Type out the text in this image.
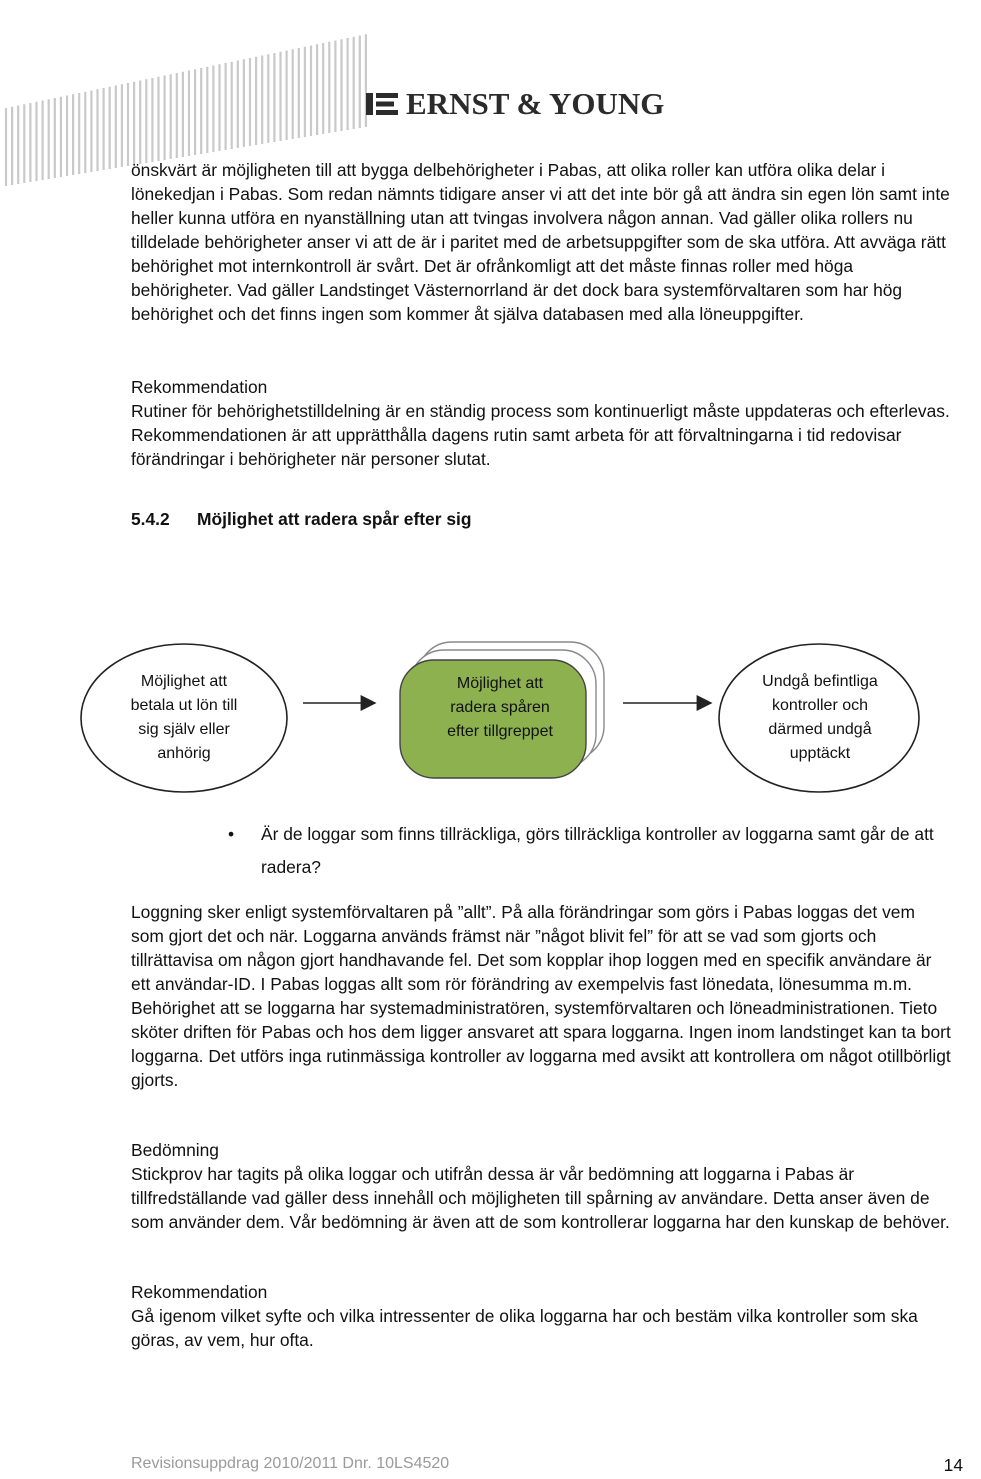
ERNST & YOUNG

önskvärt är möjligheten till att bygga delbehörigheter i Pabas, att olika roller kan utföra olika delar i lönekedjan i Pabas. Som redan nämnts tidigare anser vi att det inte bör gå att ändra sin egen lön samt inte heller kunna utföra en nyanställning utan att tvingas involvera någon annan. Vad gäller olika rollers nu tilldelade behörigheter anser vi att de är i paritet med de arbetsuppgifter som de ska utföra. Att avväga rätt behörighet mot internkontroll är svårt. Det är ofrånkomligt att det måste finnas roller med höga behörigheter. Vad gäller Landstinget Västernorrland är det dock bara systemförvaltaren som har hög behörighet och det finns ingen som kommer åt själva databasen med alla löneuppgifter.

Rekommendation

Rutiner för behörighetstilldelning är en ständig process som kontinuerligt måste uppdateras och efterlevas. Rekommendationen är att upprätthålla dagens rutin samt arbeta för att förvaltningarna i tid redovisar förändringar i behörigheter när personer slutat.

5.4.2 Möjlighet att radera spår efter sig
Möjlighet att
betala ut lön till
sig själv eller
anhörig
Möjlighet att
radera spåren
efter tillgreppet
Undgå befintliga
kontroller och
därmed undgå
upptäckt
• Är de loggar som finns tillräckliga, görs tillräckliga kontroller av loggarna samt går de att radera?

Loggning sker enligt systemförvaltaren på ”allt”. På alla förändringar som görs i Pabas loggas det vem som gjort det och när. Loggarna används främst när ”något blivit fel” för att se vad som gjorts och tillrättavisa om någon gjort handhavande fel. Det som kopplar ihop loggen med en specifik användare är ett användar-ID. I Pabas loggas allt som rör förändring av exempelvis fast lönedata, lönesumma m.m. Behörighet att se loggarna har systemadministratören, systemförvaltaren och löneadministrationen. Tieto sköter driften för Pabas och hos dem ligger ansvaret att spara loggarna. Ingen inom landstinget kan ta bort loggarna. Det utförs inga rutinmässiga kontroller av loggarna med avsikt att kontrollera om något otillbörligt gjorts.

Bedömning

Stickprov har tagits på olika loggar och utifrån dessa är vår bedömning att loggarna i Pabas är tillfredställande vad gäller dess innehåll och möjligheten till spårning av användare. Detta anser även de som använder dem. Vår bedömning är även att de som kontrollerar loggarna har den kunskap de behöver.

Rekommendation

Gå igenom vilket syfte och vilka intressenter de olika loggarna har och bestäm vilka kontroller som ska göras, av vem, hur ofta.

Revisionsuppdrag 2010/2011 Dnr. 10LS4520	14
